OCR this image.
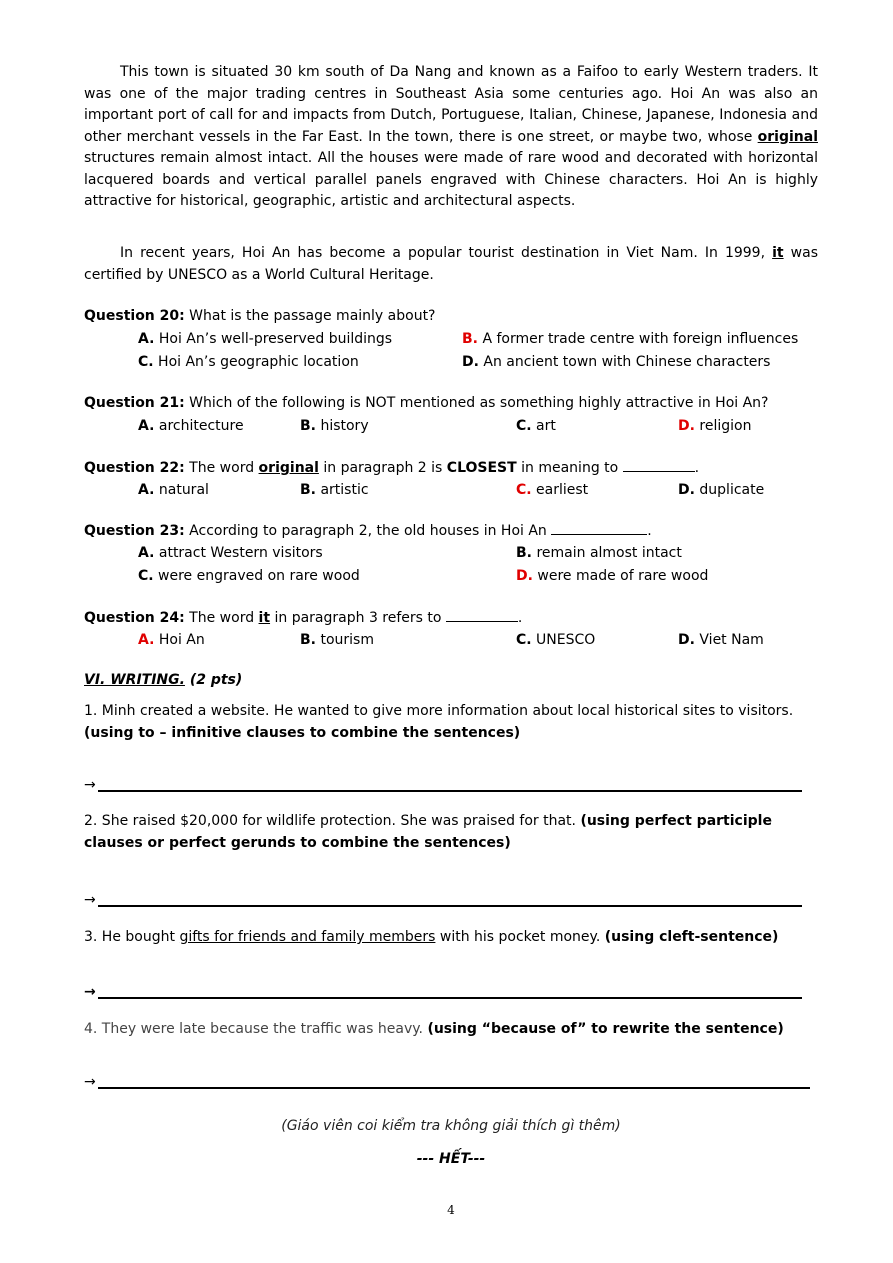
This town is situated 30 km south of Da Nang and known as a Faifoo to early Western traders. It was one of the major trading centres in Southeast Asia some centuries ago. Hoi An was also an important port of call for and impacts from Dutch, Portuguese, Italian, Chinese, Japanese, Indonesia and other merchant vessels in the Far East. In the town, there is one street, or maybe two, whose original structures remain almost intact. All the houses were made of rare wood and decorated with horizontal lacquered boards and vertical parallel panels engraved with Chinese characters. Hoi An is highly attractive for historical, geographic, artistic and architectural aspects.
In recent years, Hoi An has become a popular tourist destination in Viet Nam. In 1999, it was certified by UNESCO as a World Cultural Heritage.
Question 20: What is the passage mainly about?
A. Hoi An’s well-preserved buildings	B. A former trade centre with foreign influences
C. Hoi An’s geographic location	D. An ancient town with Chinese characters
Question 21: Which of the following is NOT mentioned as something highly attractive in Hoi An?
A. architecture	B. history	C. art	D. religion
Question 22: The word original in paragraph 2 is CLOSEST in meaning to	.
A. natural	B. artistic	C. earliest	D. duplicate
Question 23: According to paragraph 2, the old houses in Hoi An	.
A. attract Western visitors	B. remain almost intact
C. were engraved on rare wood	D. were made of rare wood
Question 24: The word it in paragraph 3 refers to	.
A. Hoi An	B. tourism	C. UNESCO	D. Viet Nam
VI. WRITING. (2 pts)
1. Minh created a website. He wanted to give more information about local historical sites to visitors. (using to – infinitive clauses to combine the sentences)
→
2. She raised $20,000 for wildlife protection. She was praised for that. (using perfect participle clauses or perfect gerunds to combine the sentences)
→
3. He bought gifts for friends and family members with his pocket money. (using cleft-sentence)
→
4. They were late because the traffic was heavy. (using “because of” to rewrite the sentence)
→
(Giáo viên coi kiểm tra không giải thích gì thêm)
--- HẾT---
4
